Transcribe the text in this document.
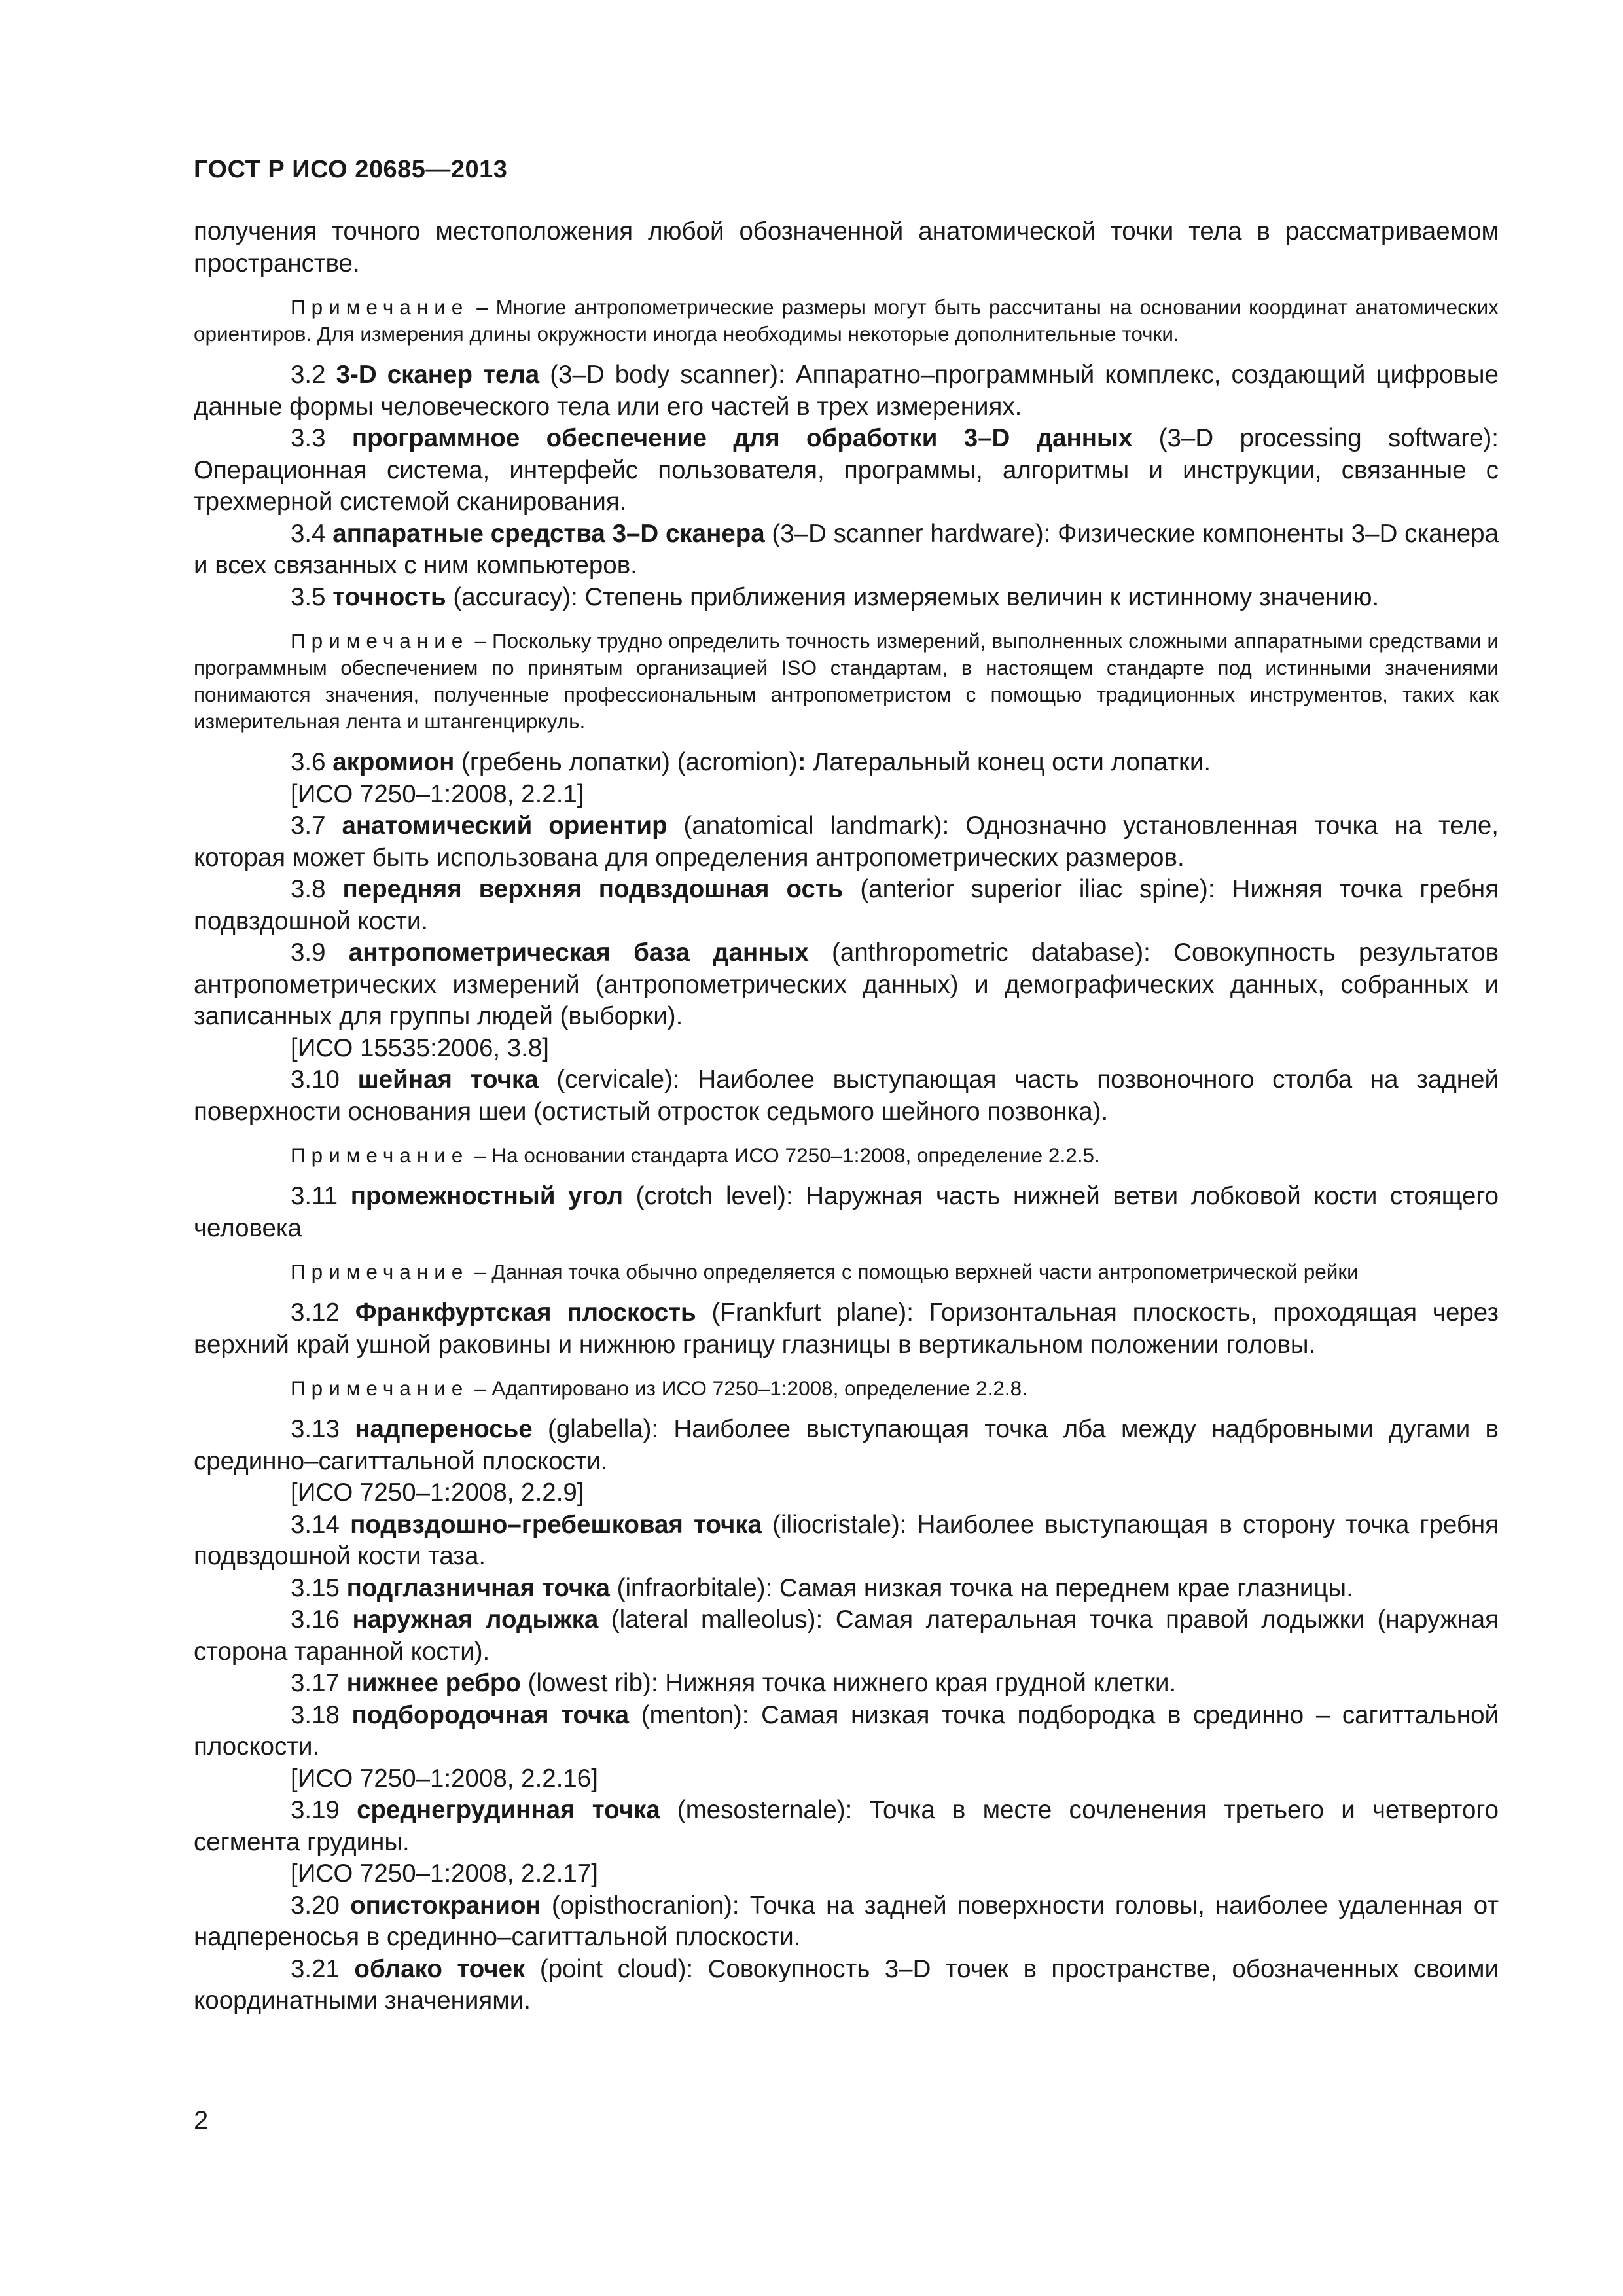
ГОСТ Р ИСО 20685—2013

получения точного местоположения любой обозначенной анатомической точки тела в рассматриваемом пространстве.

Примечание – Многие антропометрические размеры могут быть рассчитаны на основании координат анатомических ориентиров. Для измерения длины окружности иногда необходимы некоторые дополнительные точки.

3.2 3-D сканер тела (3–D body scanner): Аппаратно–программный комплекс, создающий цифровые данные формы человеческого тела или его частей в трех измерениях.

3.3 программное обеспечение для обработки 3–D данных (3–D processing software): Операционная система, интерфейс пользователя, программы, алгоритмы и инструкции, связанные с трехмерной системой сканирования.

3.4 аппаратные средства 3–D сканера (3–D scanner hardware): Физические компоненты 3–D сканера и всех связанных с ним компьютеров.

3.5 точность (accuracy): Степень приближения измеряемых величин к истинному значению.

Примечание – Поскольку трудно определить точность измерений, выполненных сложными аппаратными средствами и программным обеспечением по принятым организацией ISO стандартам, в настоящем стандарте под истинными значениями понимаются значения, полученные профессиональным антропометристом с помощью традиционных инструментов, таких как измерительная лента и штангенциркуль.

3.6 акромион (гребень лопатки) (acromion): Латеральный конец ости лопатки.

[ИСО 7250–1:2008, 2.2.1]

3.7 анатомический ориентир (anatomical landmark): Однозначно установленная точка на теле, которая может быть использована для определения антропометрических размеров.

3.8 передняя верхняя подвздошная ость (anterior superior iliac spine): Нижняя точка гребня подвздошной кости.

3.9 антропометрическая база данных (anthropometric database): Совокупность результатов антропометрических измерений (антропометрических данных) и демографических данных, собранных и записанных для группы людей (выборки).

[ИСО 15535:2006, 3.8]

3.10 шейная точка (cervicale): Наиболее выступающая часть позвоночного столба на задней поверхности основания шеи (остистый отросток седьмого шейного позвонка).

Примечание – На основании стандарта ИСО 7250–1:2008, определение 2.2.5.

3.11 промежностный угол (crotch level): Наружная часть нижней ветви лобковой кости стоящего человека

Примечание – Данная точка обычно определяется с помощью верхней части антропометрической рейки

3.12 Франкфуртская плоскость (Frankfurt plane): Горизонтальная плоскость, проходящая через верхний край ушной раковины и нижнюю границу глазницы в вертикальном положении головы.

Примечание – Адаптировано из ИСО 7250–1:2008, определение 2.2.8.

3.13 надпереносье (glabella): Наиболее выступающая точка лба между надбровными дугами в срединно–сагиттальной плоскости.

[ИСО 7250–1:2008, 2.2.9]

3.14 подвздошно–гребешковая точка (iliocristale): Наиболее выступающая в сторону точка гребня подвздошной кости таза.

3.15 подглазничная точка (infraorbitale): Самая низкая точка на переднем крае глазницы.

3.16 наружная лодыжка (lateral malleolus): Самая латеральная точка правой лодыжки (наружная сторона таранной кости).

3.17 нижнее ребро (lowest rib): Нижняя точка нижнего края грудной клетки.

3.18 подбородочная точка (menton): Самая низкая точка подбородка в срединно – сагиттальной плоскости.

[ИСО 7250–1:2008, 2.2.16]

3.19 среднегрудинная точка (mesosternale): Точка в месте сочленения третьего и четвертого сегмента грудины.

[ИСО 7250–1:2008, 2.2.17]

3.20 опистокранион (opisthocranion): Точка на задней поверхности головы, наиболее удаленная от надпереносья в срединно–сагиттальной плоскости.

3.21 облако точек (point cloud): Совокупность 3–D точек в пространстве, обозначенных своими координатными значениями.

2
